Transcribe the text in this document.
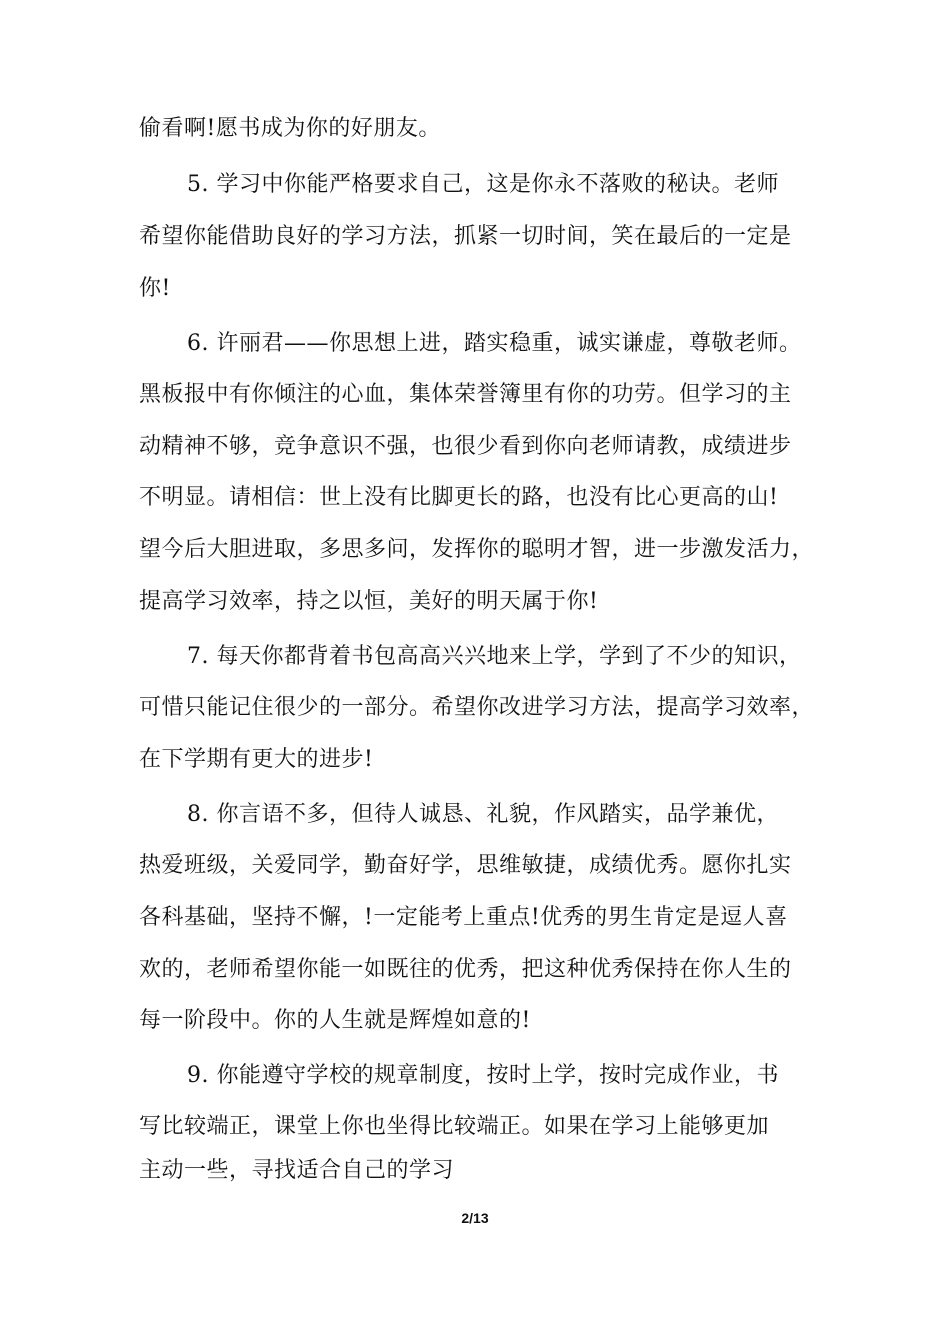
偷看啊!愿书成为你的好朋友。
5. 学习中你能严格要求自己，这是你永不落败的秘诀。老师
希望你能借助良好的学习方法，抓紧一切时间，笑在最后的一定是
你!
6. 许丽君——你思想上进，踏实稳重，诚实谦虚，尊敬老师。
黑板报中有你倾注的心血，集体荣誉簿里有你的功劳。但学习的主
动精神不够，竞争意识不强，也很少看到你向老师请教，成绩进步
不明显。请相信：世上没有比脚更长的路，也没有比心更高的山!
望今后大胆进取，多思多问，发挥你的聪明才智，进一步激发活力，
提高学习效率，持之以恒，美好的明天属于你!
7. 每天你都背着书包高高兴兴地来上学，学到了不少的知识，
可惜只能记住很少的一部分。希望你改进学习方法，提高学习效率，
在下学期有更大的进步!
8. 你言语不多，但待人诚恳、礼貌，作风踏实，品学兼优，
热爱班级，关爱同学，勤奋好学，思维敏捷，成绩优秀。愿你扎实
各科基础，坚持不懈，!一定能考上重点!优秀的男生肯定是逗人喜
欢的，老师希望你能一如既往的优秀，把这种优秀保持在你人生的
每一阶段中。你的人生就是辉煌如意的!
9. 你能遵守学校的规章制度，按时上学，按时完成作业，书
写比较端正，课堂上你也坐得比较端正。如果在学习上能够更加
主动一些，寻找适合自己的学习
2/13
